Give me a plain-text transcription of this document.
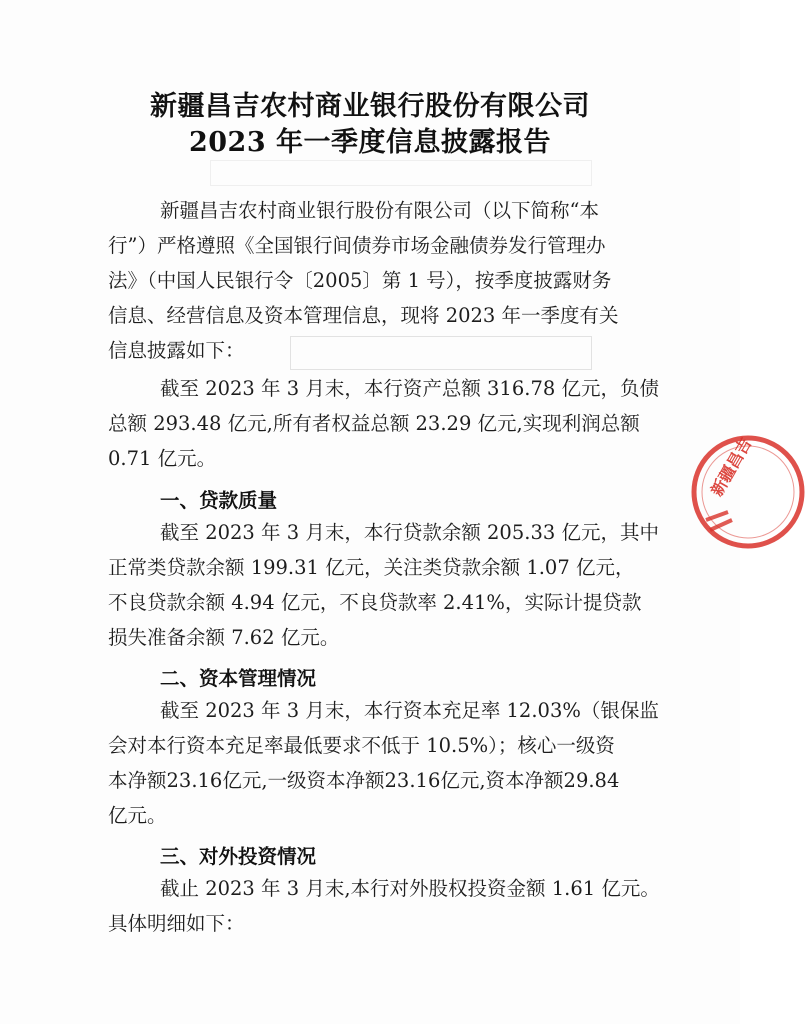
新疆昌吉农村商业银行股份有限公司
2023 年一季度信息披露报告
新疆昌吉农村商业银行股份有限公司（以下简称“本
行”）严格遵照《全国银行间债券市场金融债券发行管理办
法》（中国人民银行令〔2005〕第 1 号），按季度披露财务
信息、经营信息及资本管理信息，现将 2023 年一季度有关
信息披露如下：
截至 2023 年 3 月末，本行资产总额 316.78 亿元，负债
总额 293.48 亿元,所有者权益总额 23.29 亿元,实现利润总额
0.71 亿元。
一、贷款质量
截至 2023 年 3 月末，本行贷款余额 205.33 亿元，其中
正常类贷款余额 199.31 亿元，关注类贷款余额 1.07 亿元，
不良贷款余额 4.94 亿元，不良贷款率 2.41%，实际计提贷款
损失准备余额 7.62 亿元。
二、资本管理情况
截至 2023 年 3 月末，本行资本充足率 12.03%（银保监
会对本行资本充足率最低要求不低于 10.5%）；核心一级资
本净额23.16亿元,一级资本净额23.16亿元,资本净额29.84
亿元。
三、对外投资情况
截止 2023 年 3 月末,本行对外股权投资金额 1.61 亿元。
具体明细如下：
新疆昌吉
